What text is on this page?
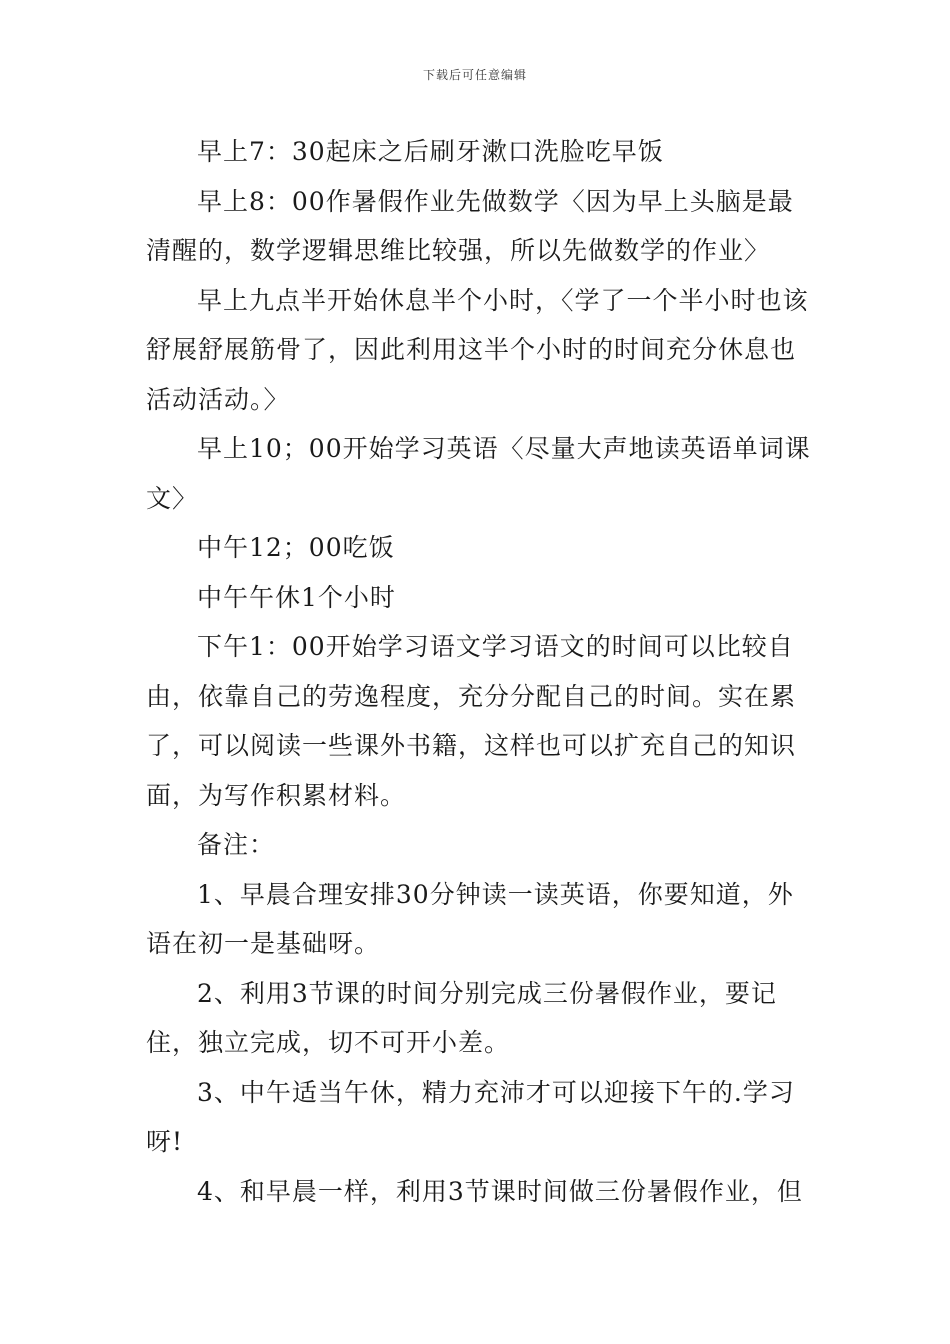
下载后可任意编辑

早上7：30起床之后刷牙漱口洗脸吃早饭

早上8：00作暑假作业先做数学〈因为早上头脑是最清醒的，数学逻辑思维比较强，所以先做数学的作业〉

早上九点半开始休息半个小时，〈学了一个半小时也该舒展舒展筋骨了，因此利用这半个小时的时间充分休息也活动活动。〉

早上10；00开始学习英语〈尽量大声地读英语单词课文〉

中午12；00吃饭

中午午休1个小时

下午1：00开始学习语文学习语文的时间可以比较自由，依靠自己的劳逸程度，充分分配自己的时间。实在累了，可以阅读一些课外书籍，这样也可以扩充自己的知识面，为写作积累材料。

备注：

1、早晨合理安排30分钟读一读英语，你要知道，外语在初一是基础呀。

2、利用3节课的时间分别完成三份暑假作业，要记住，独立完成，切不可开小差。

3、中午适当午休，精力充沛才可以迎接下午的.学习呀!

4、和早晨一样，利用3节课时间做三份暑假作业，但
